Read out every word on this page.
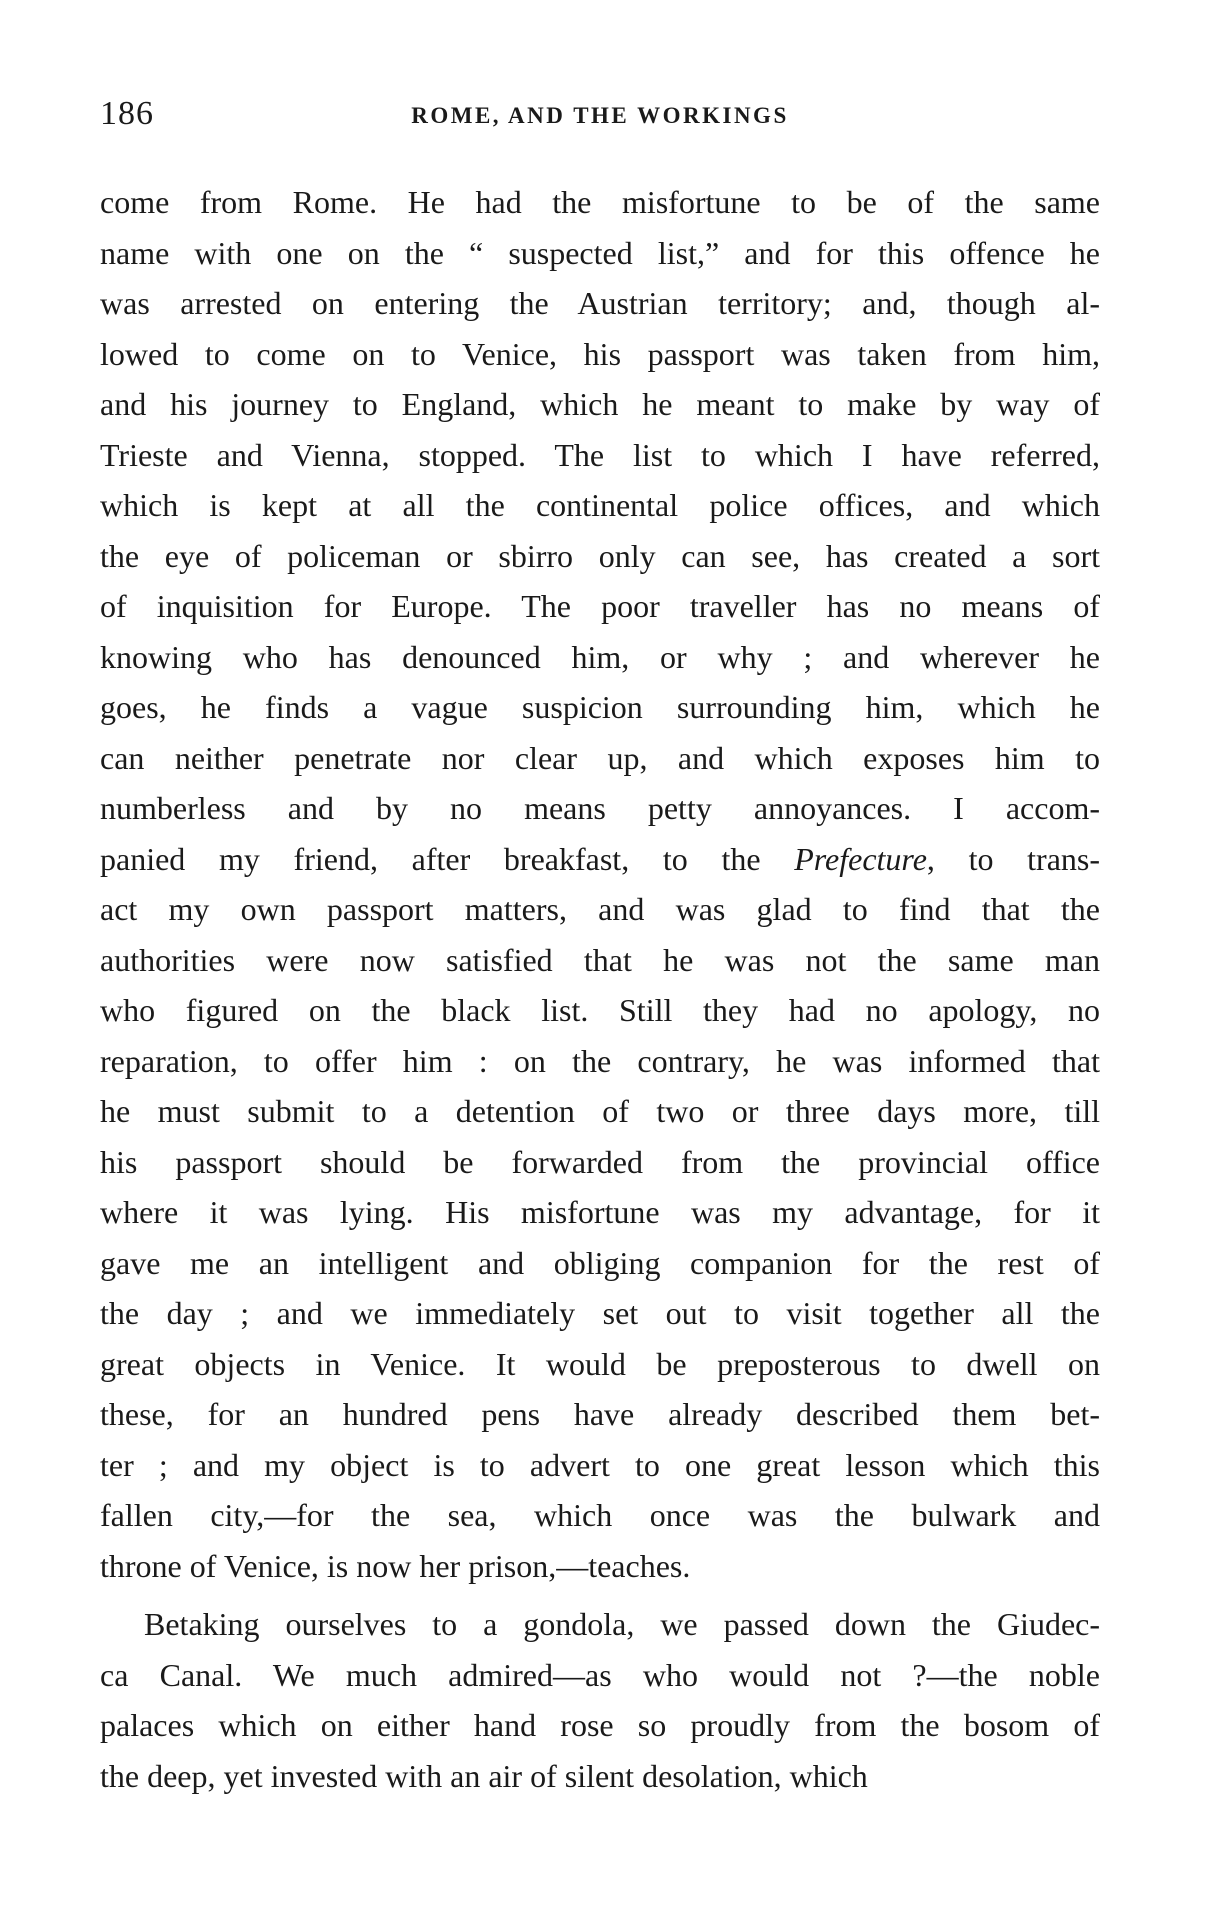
186	ROME, AND THE WORKINGS
come from Rome. He had the misfortune to be of the same
name with one on the “ suspected list,” and for this offence he
was arrested on entering the Austrian territory; and, though al-
lowed to come on to Venice, his passport was taken from him,
and his journey to England, which he meant to make by way of
Trieste and Vienna, stopped. The list to which I have referred,
which is kept at all the continental police offices, and which
the eye of policeman or sbirro only can see, has created a sort
of inquisition for Europe. The poor traveller has no means of
knowing who has denounced him, or why ; and wherever he
goes, he finds a vague suspicion surrounding him, which he
can neither penetrate nor clear up, and which exposes him to
numberless and by no means petty annoyances. I accom-
panied my friend, after breakfast, to the Prefecture, to trans-
act my own passport matters, and was glad to find that the
authorities were now satisfied that he was not the same man
who figured on the black list. Still they had no apology, no
reparation, to offer him : on the contrary, he was informed that
he must submit to a detention of two or three days more, till
his passport should be forwarded from the provincial office
where it was lying. His misfortune was my advantage, for it
gave me an intelligent and obliging companion for the rest of
the day ; and we immediately set out to visit together all the
great objects in Venice. It would be preposterous to dwell on
these, for an hundred pens have already described them bet-
ter ; and my object is to advert to one great lesson which this
fallen city,—for the sea, which once was the bulwark and
throne of Venice, is now her prison,—teaches.
Betaking ourselves to a gondola, we passed down the Giudec-
ca Canal. We much admired—as who would not ?—the noble
palaces which on either hand rose so proudly from the bosom of
the deep, yet invested with an air of silent desolation, which
